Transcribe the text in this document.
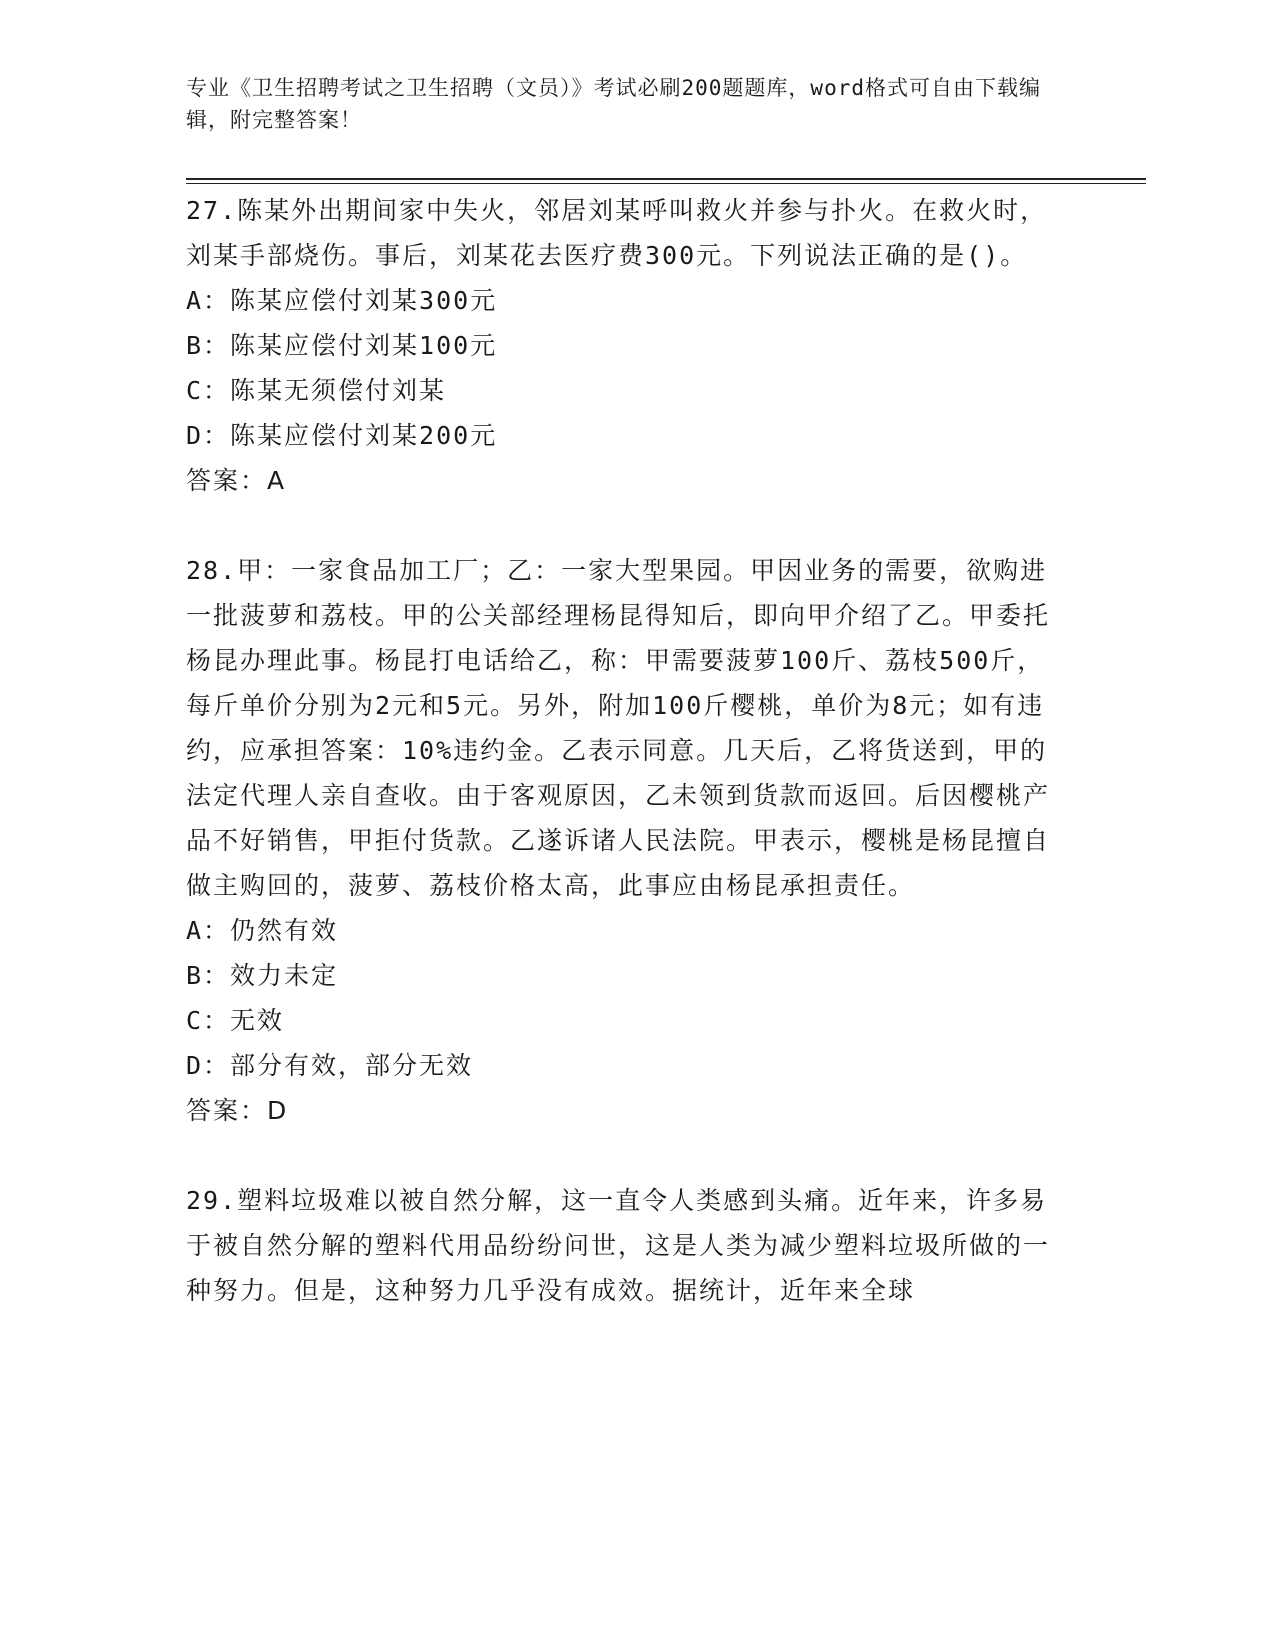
专业《卫生招聘考试之卫生招聘（文员）》考试必刷200题题库，word格式可自由下载编辑，附完整答案！

27.陈某外出期间家中失火，邻居刘某呼叫救火并参与扑火。在救火时，刘某手部烧伤。事后，刘某花去医疗费300元。下列说法正确的是()。

A：陈某应偿付刘某300元

B：陈某应偿付刘某100元

C：陈某无须偿付刘某

D：陈某应偿付刘某200元

答案：A

28.甲：一家食品加工厂；乙：一家大型果园。甲因业务的需要，欲购进一批菠萝和荔枝。甲的公关部经理杨昆得知后，即向甲介绍了乙。甲委托杨昆办理此事。杨昆打电话给乙，称：甲需要菠萝100斤、荔枝500斤，每斤单价分别为2元和5元。另外，附加100斤樱桃，单价为8元；如有违约，应承担答案：10%违约金。乙表示同意。几天后，乙将货送到，甲的法定代理人亲自查收。由于客观原因，乙未领到货款而返回。后因樱桃产品不好销售，甲拒付货款。乙遂诉诸人民法院。甲表示，樱桃是杨昆擅自做主购回的，菠萝、荔枝价格太高，此事应由杨昆承担责任。

A：仍然有效

B：效力未定

C：无效

D：部分有效，部分无效

答案：D

29.塑料垃圾难以被自然分解，这一直令人类感到头痛。近年来，许多易于被自然分解的塑料代用品纷纷问世，这是人类为减少塑料垃圾所做的一种努力。但是，这种努力几乎没有成效。据统计，近年来全球
